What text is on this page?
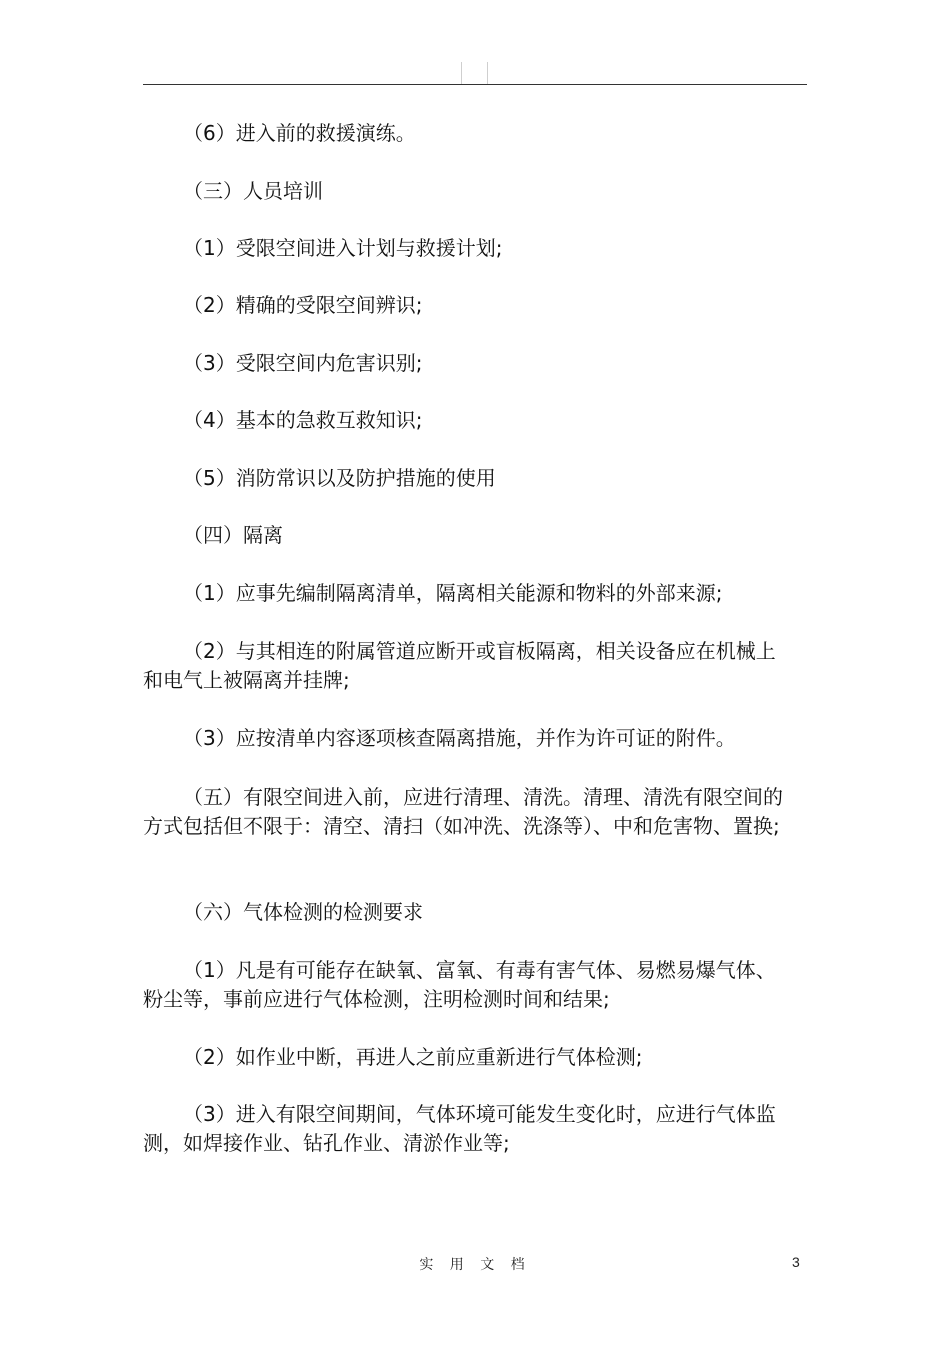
（6）进入前的救援演练。

（三）人员培训

（1）受限空间进入计划与救援计划;

（2）精确的受限空间辨识;

（3）受限空间内危害识别;

（4）基本的急救互救知识;

（5）消防常识以及防护措施的使用

（四）隔离

（1）应事先编制隔离清单，隔离相关能源和物料的外部来源;

（2）与其相连的附属管道应断开或盲板隔离，相关设备应在机械上和电气上被隔离并挂牌;

（3）应按清单内容逐项核查隔离措施，并作为许可证的附件。

（五）有限空间进入前，应进行清理、清洗。清理、清洗有限空间的方式包括但不限于：清空、清扫（如冲洗、洗涤等）、中和危害物、置换;

（六）气体检测的检测要求

（1）凡是有可能存在缺氧、富氧、有毒有害气体、易燃易爆气体、粉尘等，事前应进行气体检测，注明检测时间和结果;

（2）如作业中断，再进人之前应重新进行气体检测;

（3）进入有限空间期间，气体环境可能发生变化时，应进行气体监测，如焊接作业、钻孔作业、清淤作业等;

实 用 文 档	3
